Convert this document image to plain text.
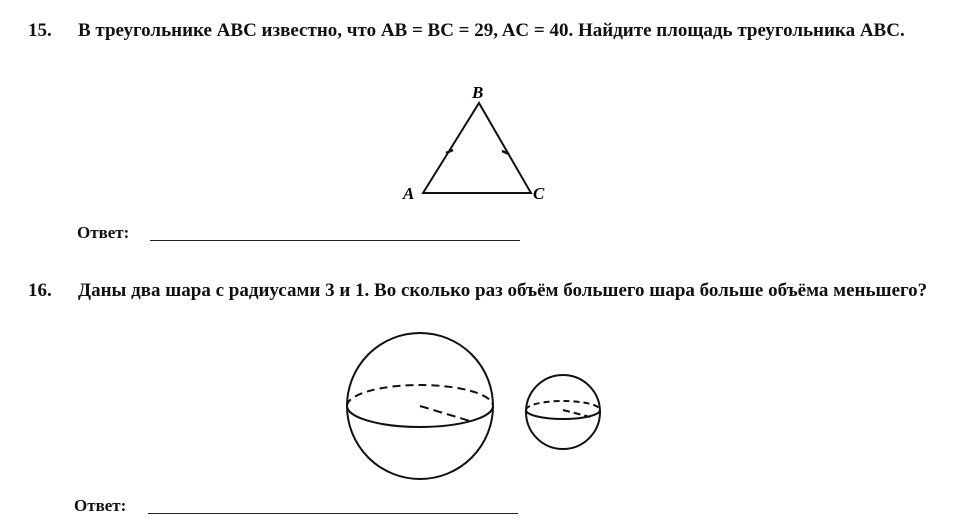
15. В треугольнике ABC известно, что AB = BC = 29, AC = 40. Найдите площадь треугольника ABC.
A
B
C
Ответ:
16. Даны два шара с радиусами 3 и 1. Во сколько раз объём большего шара больше объёма меньшего?
Ответ:
